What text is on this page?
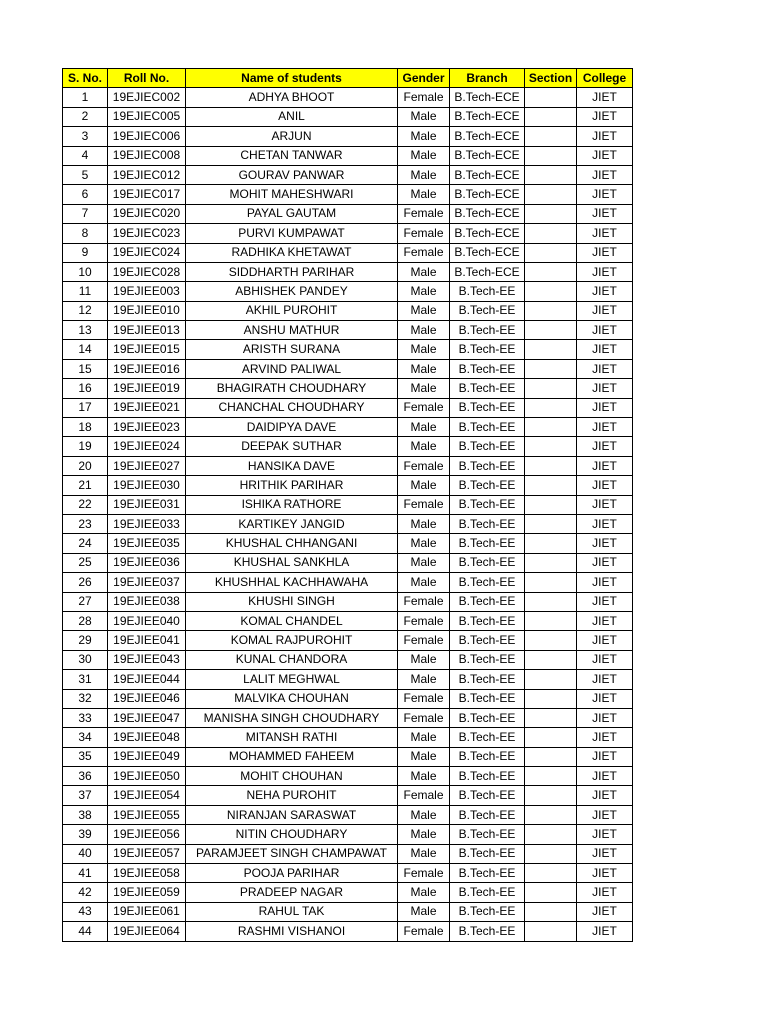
S. No.	Roll No.	Name of students	Gender	Branch	Section	College
1	19EJIEC002	ADHYA BHOOT	Female	B.Tech-ECE		JIET
2	19EJIEC005	ANIL	Male	B.Tech-ECE		JIET
3	19EJIEC006	ARJUN	Male	B.Tech-ECE		JIET
4	19EJIEC008	CHETAN TANWAR	Male	B.Tech-ECE		JIET
5	19EJIEC012	GOURAV PANWAR	Male	B.Tech-ECE		JIET
6	19EJIEC017	MOHIT MAHESHWARI	Male	B.Tech-ECE		JIET
7	19EJIEC020	PAYAL GAUTAM	Female	B.Tech-ECE		JIET
8	19EJIEC023	PURVI KUMPAWAT	Female	B.Tech-ECE		JIET
9	19EJIEC024	RADHIKA KHETAWAT	Female	B.Tech-ECE		JIET
10	19EJIEC028	SIDDHARTH PARIHAR	Male	B.Tech-ECE		JIET
11	19EJIEE003	ABHISHEK PANDEY	Male	B.Tech-EE		JIET
12	19EJIEE010	AKHIL PUROHIT	Male	B.Tech-EE		JIET
13	19EJIEE013	ANSHU MATHUR	Male	B.Tech-EE		JIET
14	19EJIEE015	ARISTH SURANA	Male	B.Tech-EE		JIET
15	19EJIEE016	ARVIND PALIWAL	Male	B.Tech-EE		JIET
16	19EJIEE019	BHAGIRATH CHOUDHARY	Male	B.Tech-EE		JIET
17	19EJIEE021	CHANCHAL CHOUDHARY	Female	B.Tech-EE		JIET
18	19EJIEE023	DAIDIPYA DAVE	Male	B.Tech-EE		JIET
19	19EJIEE024	DEEPAK SUTHAR	Male	B.Tech-EE		JIET
20	19EJIEE027	HANSIKA DAVE	Female	B.Tech-EE		JIET
21	19EJIEE030	HRITHIK PARIHAR	Male	B.Tech-EE		JIET
22	19EJIEE031	ISHIKA RATHORE	Female	B.Tech-EE		JIET
23	19EJIEE033	KARTIKEY JANGID	Male	B.Tech-EE		JIET
24	19EJIEE035	KHUSHAL CHHANGANI	Male	B.Tech-EE		JIET
25	19EJIEE036	KHUSHAL SANKHLA	Male	B.Tech-EE		JIET
26	19EJIEE037	KHUSHHAL KACHHAWAHA	Male	B.Tech-EE		JIET
27	19EJIEE038	KHUSHI SINGH	Female	B.Tech-EE		JIET
28	19EJIEE040	KOMAL CHANDEL	Female	B.Tech-EE		JIET
29	19EJIEE041	KOMAL RAJPUROHIT	Female	B.Tech-EE		JIET
30	19EJIEE043	KUNAL CHANDORA	Male	B.Tech-EE		JIET
31	19EJIEE044	LALIT MEGHWAL	Male	B.Tech-EE		JIET
32	19EJIEE046	MALVIKA CHOUHAN	Female	B.Tech-EE		JIET
33	19EJIEE047	MANISHA SINGH CHOUDHARY	Female	B.Tech-EE		JIET
34	19EJIEE048	MITANSH RATHI	Male	B.Tech-EE		JIET
35	19EJIEE049	MOHAMMED FAHEEM	Male	B.Tech-EE		JIET
36	19EJIEE050	MOHIT CHOUHAN	Male	B.Tech-EE		JIET
37	19EJIEE054	NEHA PUROHIT	Female	B.Tech-EE		JIET
38	19EJIEE055	NIRANJAN SARASWAT	Male	B.Tech-EE		JIET
39	19EJIEE056	NITIN CHOUDHARY	Male	B.Tech-EE		JIET
40	19EJIEE057	PARAMJEET SINGH CHAMPAWAT	Male	B.Tech-EE		JIET
41	19EJIEE058	POOJA PARIHAR	Female	B.Tech-EE		JIET
42	19EJIEE059	PRADEEP NAGAR	Male	B.Tech-EE		JIET
43	19EJIEE061	RAHUL TAK	Male	B.Tech-EE		JIET
44	19EJIEE064	RASHMI VISHANOI	Female	B.Tech-EE		JIET
